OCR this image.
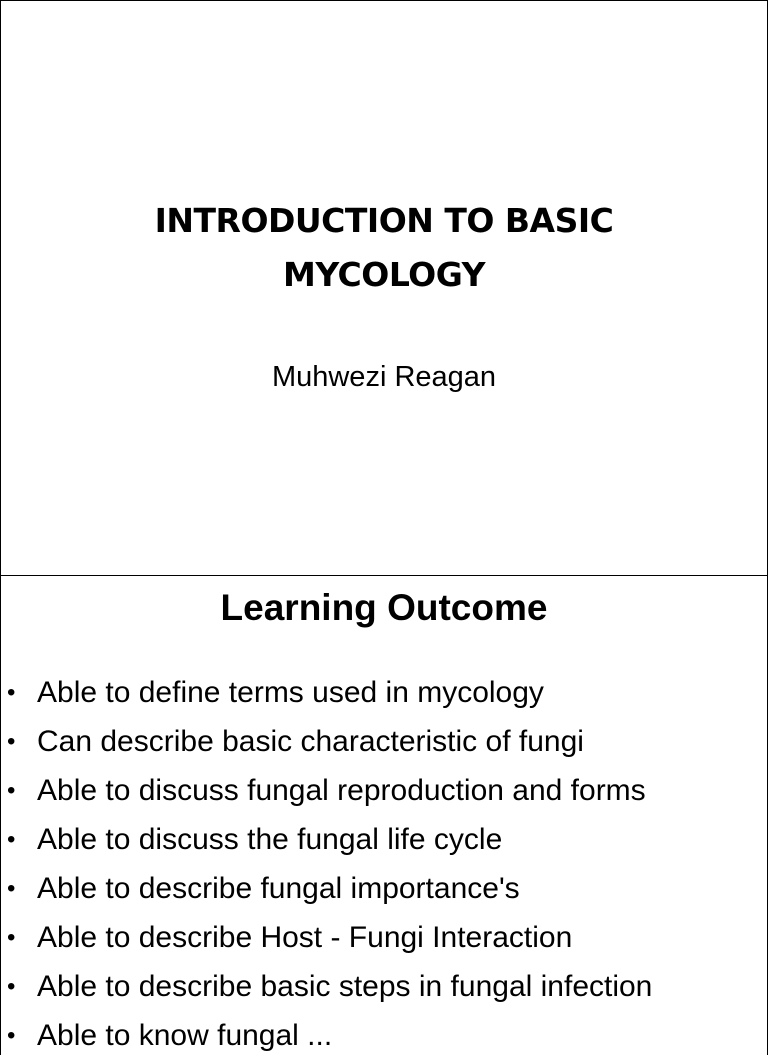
INTRODUCTION TO BASIC
MYCOLOGY
Muhwezi Reagan
Learning Outcome
• Able to define terms used in mycology
• Can describe basic characteristic of fungi
• Able to discuss fungal reproduction and forms
• Able to discuss the fungal life cycle
• Able to describe fungal importance's
• Able to describe Host - Fungi Interaction
• Able to describe basic steps in fungal infection
• Able to know fungal ...
